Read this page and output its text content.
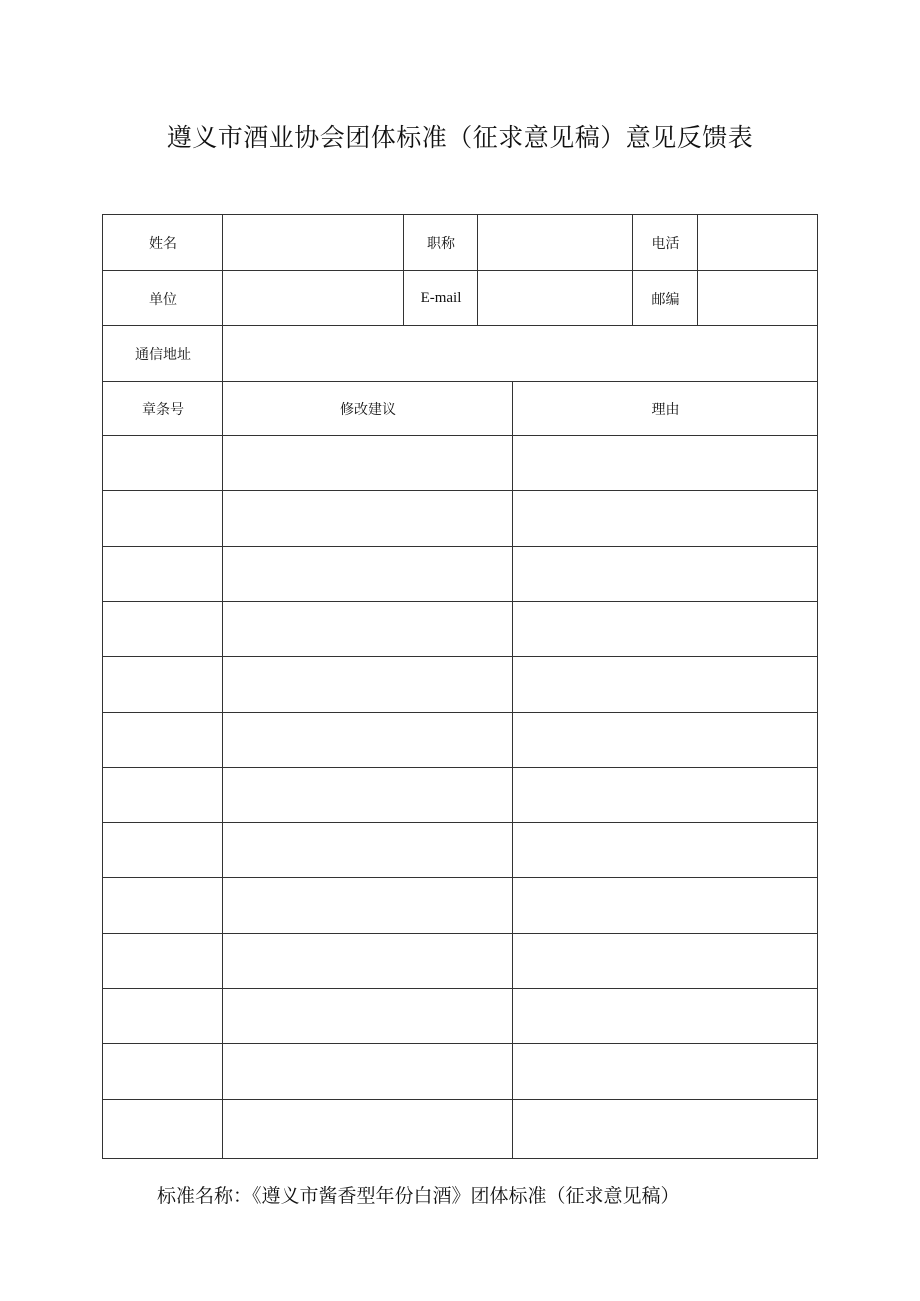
遵义市酒业协会团体标准（征求意见稿）意见反馈表
姓名	职称	电活
单位	E-mail	邮编
通信地址
章条号	修改建议	理由
标准名称：《遵义市酱香型年份白酒》团体标准（征求意见稿）
